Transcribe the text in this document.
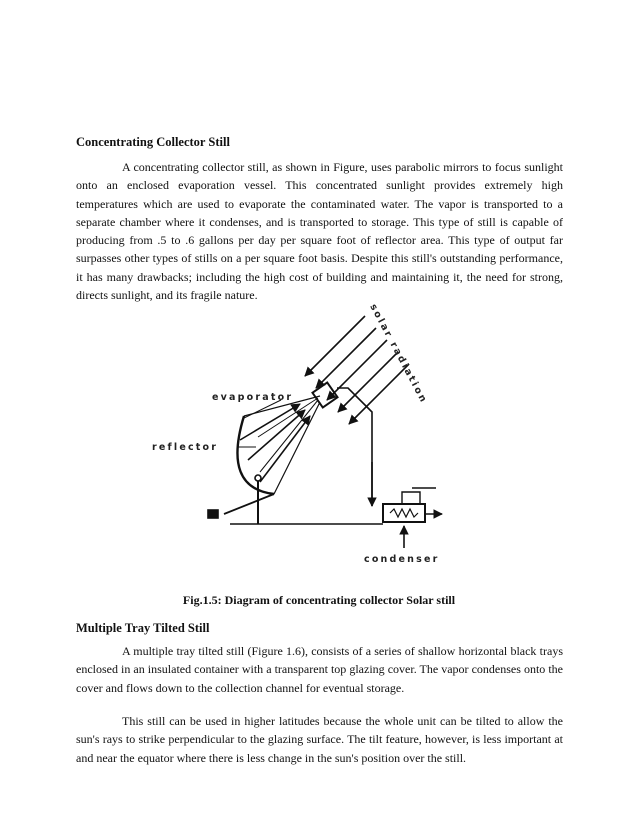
Concentrating Collector Still

A concentrating collector still, as shown in Figure, uses parabolic mirrors to focus sunlight onto an enclosed evaporation vessel. This concentrated sunlight provides extremely high temperatures which are used to evaporate the contaminated water. The vapor is transported to a separate chamber where it condenses, and is transported to storage. This type of still is capable of producing from .5 to .6 gallons per day per square foot of reflector area. This type of output far surpasses other types of stills on a per square foot basis. Despite this still's outstanding performance, it has many drawbacks; including the high cost of building and maintaining it, the need for strong, directs sunlight, and its fragile nature.

solar radiation
evaporator
reflector
condenser
Fig.1.5: Diagram of concentrating collector Solar still
Multiple Tray Tilted Still

A multiple tray tilted still (Figure 1.6), consists of a series of shallow horizontal black trays enclosed in an insulated container with a transparent top glazing cover. The vapor condenses onto the cover and flows down to the collection channel for eventual storage.

This still can be used in higher latitudes because the whole unit can be tilted to allow the sun's rays to strike perpendicular to the glazing surface. The tilt feature, however, is less important at and near the equator where there is less change in the sun's position over the still.
